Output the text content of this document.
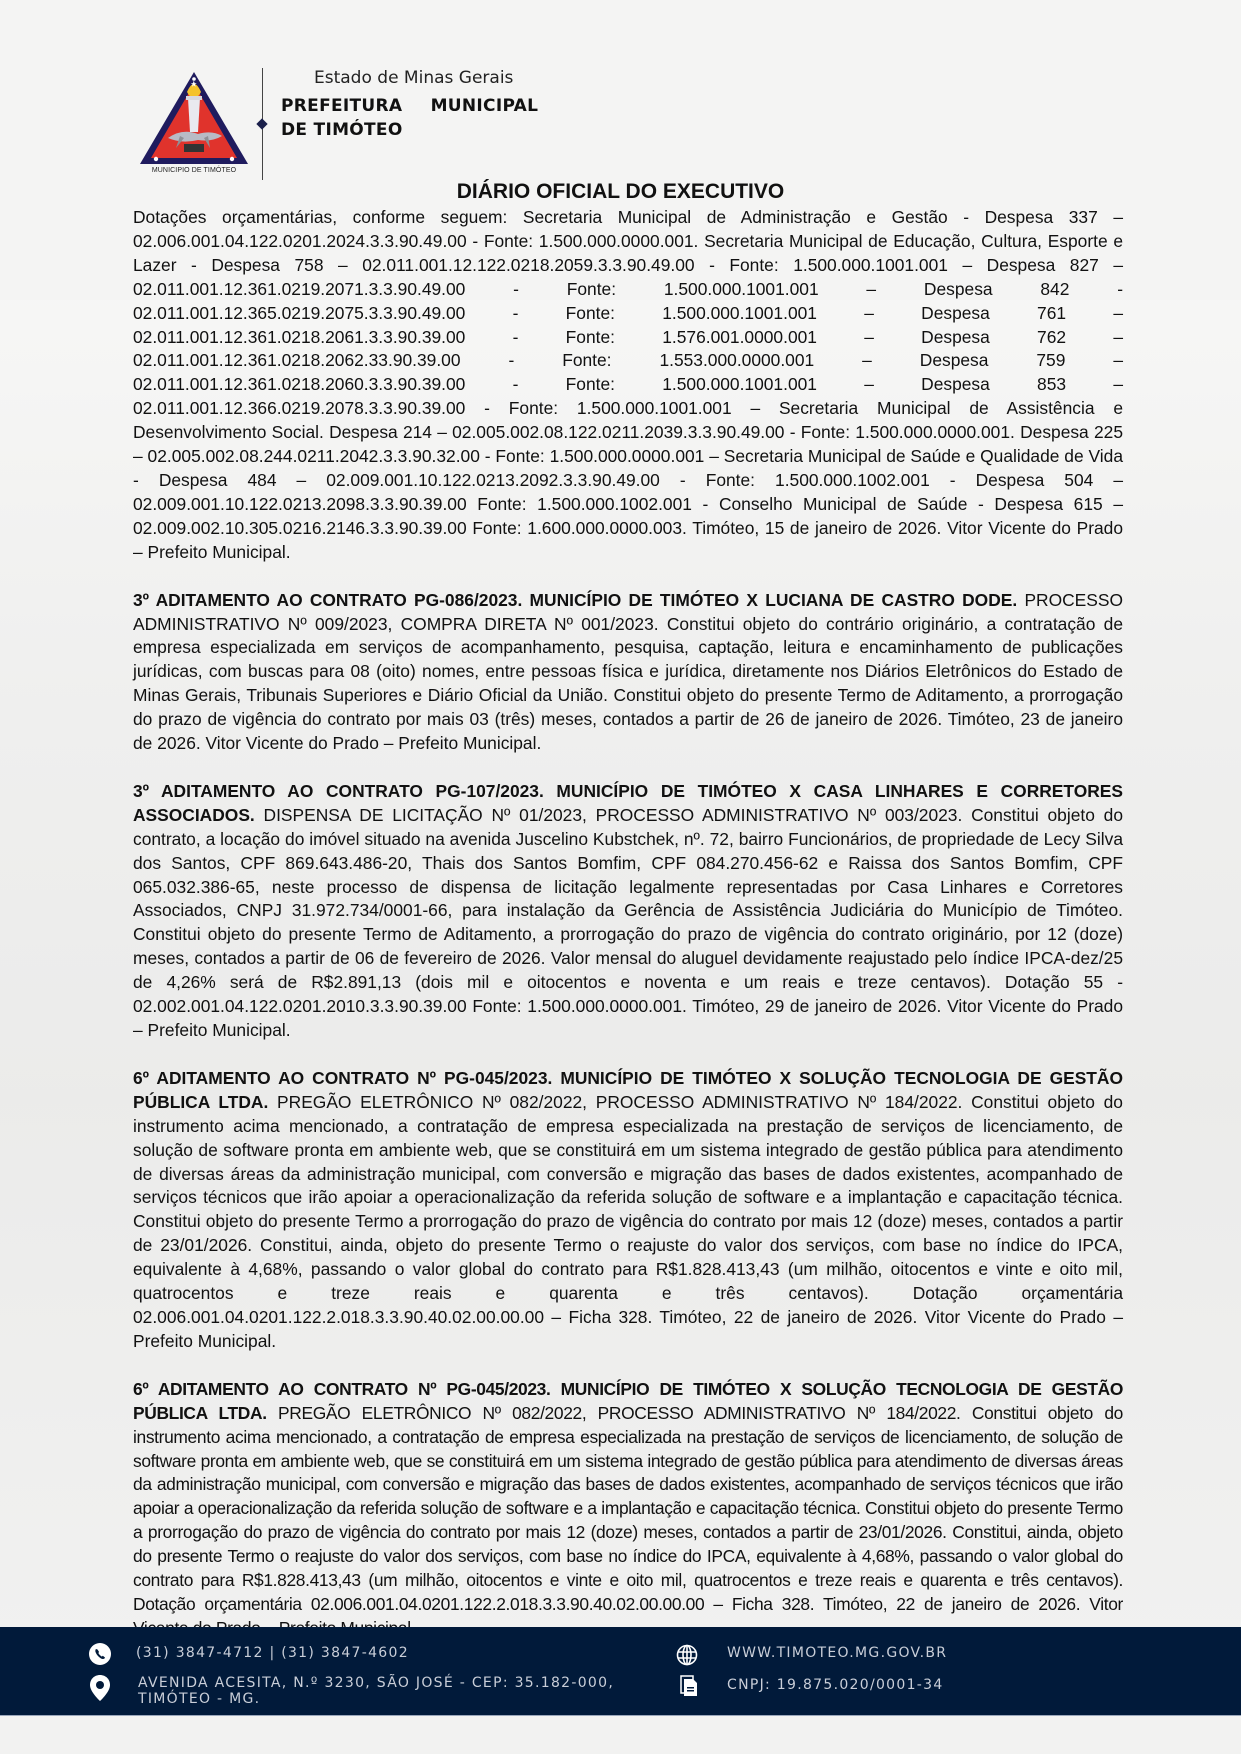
MUNICIPIO DE TIMÓTEO
Estado de Minas Gerais
PREFEITURA MUNICIPAL
DE TIMÓTEO
DIÁRIO OFICIAL DO EXECUTIVO

Dotações orçamentárias, conforme seguem: Secretaria Municipal de Administração e Gestão - Despesa 337 – 02.006.001.04.122.0201.2024.3.3.90.49.00 - Fonte: 1.500.000.0000.001. Secretaria Municipal de Educação, Cultura, Esporte e Lazer - Despesa 758 – 02.011.001.12.122.0218.2059.3.3.90.49.00 - Fonte: 1.500.000.1001.001 – Despesa 827 – 02.011.001.12.361.0219.2071.3.3.90.49.00 - Fonte: 1.500.000.1001.001 – Despesa 842 - 02.011.001.12.365.0219.2075.3.3.90.49.00 - Fonte: 1.500.000.1001.001 – Despesa 761 – 02.011.001.12.361.0218.2061.3.3.90.39.00 - Fonte: 1.576.001.0000.001 – Despesa 762 – 02.011.001.12.361.0218.2062.33.90.39.00 - Fonte: 1.553.000.0000.001 – Despesa 759 – 02.011.001.12.361.0218.2060.3.3.90.39.00 - Fonte: 1.500.000.1001.001 – Despesa 853 – 02.011.001.12.366.0219.2078.3.3.90.39.00 - Fonte: 1.500.000.1001.001 – Secretaria Municipal de Assistência e Desenvolvimento Social. Despesa 214 – 02.005.002.08.122.0211.2039.3.3.90.49.00 - Fonte: 1.500.000.0000.001. Despesa 225 – 02.005.002.08.244.0211.2042.3.3.90.32.00 - Fonte: 1.500.000.0000.001 – Secretaria Municipal de Saúde e Qualidade de Vida - Despesa 484 – 02.009.001.10.122.0213.2092.3.3.90.49.00 - Fonte: 1.500.000.1002.001 - Despesa 504 – 02.009.001.10.122.0213.2098.3.3.90.39.00 Fonte: 1.500.000.1002.001 - Conselho Municipal de Saúde - Despesa 615 – 02.009.002.10.305.0216.2146.3.3.90.39.00 Fonte: 1.600.000.0000.003. Timóteo, 15 de janeiro de 2026. Vitor Vicente do Prado – Prefeito Municipal.

3º ADITAMENTO AO CONTRATO PG-086/2023. MUNICÍPIO DE TIMÓTEO X LUCIANA DE CASTRO DODE. PROCESSO ADMINISTRATIVO Nº 009/2023, COMPRA DIRETA Nº 001/2023. Constitui objeto do contrário originário, a contratação de empresa especializada em serviços de acompanhamento, pesquisa, captação, leitura e encaminhamento de publicações jurídicas, com buscas para 08 (oito) nomes, entre pessoas física e jurídica, diretamente nos Diários Eletrônicos do Estado de Minas Gerais, Tribunais Superiores e Diário Oficial da União. Constitui objeto do presente Termo de Aditamento, a prorrogação do prazo de vigência do contrato por mais 03 (três) meses, contados a partir de 26 de janeiro de 2026. Timóteo, 23 de janeiro de 2026. Vitor Vicente do Prado – Prefeito Municipal.

3º ADITAMENTO AO CONTRATO PG-107/2023. MUNICÍPIO DE TIMÓTEO X CASA LINHARES E CORRETORES ASSOCIADOS. DISPENSA DE LICITAÇÃO Nº 01/2023, PROCESSO ADMINISTRATIVO Nº 003/2023. Constitui objeto do contrato, a locação do imóvel situado na avenida Juscelino Kubstchek, nº. 72, bairro Funcionários, de propriedade de Lecy Silva dos Santos, CPF 869.643.486-20, Thais dos Santos Bomfim, CPF 084.270.456-62 e Raissa dos Santos Bomfim, CPF 065.032.386-65, neste processo de dispensa de licitação legalmente representadas por Casa Linhares e Corretores Associados, CNPJ 31.972.734/0001-66, para instalação da Gerência de Assistência Judiciária do Município de Timóteo. Constitui objeto do presente Termo de Aditamento, a prorrogação do prazo de vigência do contrato originário, por 12 (doze) meses, contados a partir de 06 de fevereiro de 2026. Valor mensal do aluguel devidamente reajustado pelo índice IPCA-dez/25 de 4,26% será de R$2.891,13 (dois mil e oitocentos e noventa e um reais e treze centavos). Dotação 55 - 02.002.001.04.122.0201.2010.3.3.90.39.00 Fonte: 1.500.000.0000.001. Timóteo, 29 de janeiro de 2026. Vitor Vicente do Prado – Prefeito Municipal.

6º ADITAMENTO AO CONTRATO Nº PG-045/2023. MUNICÍPIO DE TIMÓTEO X SOLUÇÃO TECNOLOGIA DE GESTÃO PÚBLICA LTDA. PREGÃO ELETRÔNICO Nº 082/2022, PROCESSO ADMINISTRATIVO Nº 184/2022. Constitui objeto do instrumento acima mencionado, a contratação de empresa especializada na prestação de serviços de licenciamento, de solução de software pronta em ambiente web, que se constituirá em um sistema integrado de gestão pública para atendimento de diversas áreas da administração municipal, com conversão e migração das bases de dados existentes, acompanhado de serviços técnicos que irão apoiar a operacionalização da referida solução de software e a implantação e capacitação técnica. Constitui objeto do presente Termo a prorrogação do prazo de vigência do contrato por mais 12 (doze) meses, contados a partir de 23/01/2026. Constitui, ainda, objeto do presente Termo o reajuste do valor dos serviços, com base no índice do IPCA, equivalente à 4,68%, passando o valor global do contrato para R$1.828.413,43 (um milhão, oitocentos e vinte e oito mil, quatrocentos e treze reais e quarenta e três centavos). Dotação orçamentária 02.006.001.04.0201.122.2.018.3.3.90.40.02.00.00.00 – Ficha 328. Timóteo, 22 de janeiro de 2026. Vitor Vicente do Prado – Prefeito Municipal.

6º ADITAMENTO AO CONTRATO Nº PG-045/2023. MUNICÍPIO DE TIMÓTEO X SOLUÇÃO TECNOLOGIA DE GESTÃO PÚBLICA LTDA. PREGÃO ELETRÔNICO Nº 082/2022, PROCESSO ADMINISTRATIVO Nº 184/2022. Constitui objeto do instrumento acima mencionado, a contratação de empresa especializada na prestação de serviços de licenciamento, de solução de software pronta em ambiente web, que se constituirá em um sistema integrado de gestão pública para atendimento de diversas áreas da administração municipal, com conversão e migração das bases de dados existentes, acompanhado de serviços técnicos que irão apoiar a operacionalização da referida solução de software e a implantação e capacitação técnica. Constitui objeto do presente Termo a prorrogação do prazo de vigência do contrato por mais 12 (doze) meses, contados a partir de 23/01/2026. Constitui, ainda, objeto do presente Termo o reajuste do valor dos serviços, com base no índice do IPCA, equivalente à 4,68%, passando o valor global do contrato para R$1.828.413,43 (um milhão, oitocentos e vinte e oito mil, quatrocentos e treze reais e quarenta e três centavos). Dotação orçamentária 02.006.001.04.0201.122.2.018.3.3.90.40.02.00.00.00 – Ficha 328. Timóteo, 22 de janeiro de 2026. Vitor

(31) 3847-4712 | (31) 3847-4602
AVENIDA ACESITA, N.º 3230, SÃO JOSÉ - CEP: 35.182-000,
TIMÓTEO - MG.
WWW.TIMOTEO.MG.GOV.BR
CNPJ: 19.875.020/0001-34
